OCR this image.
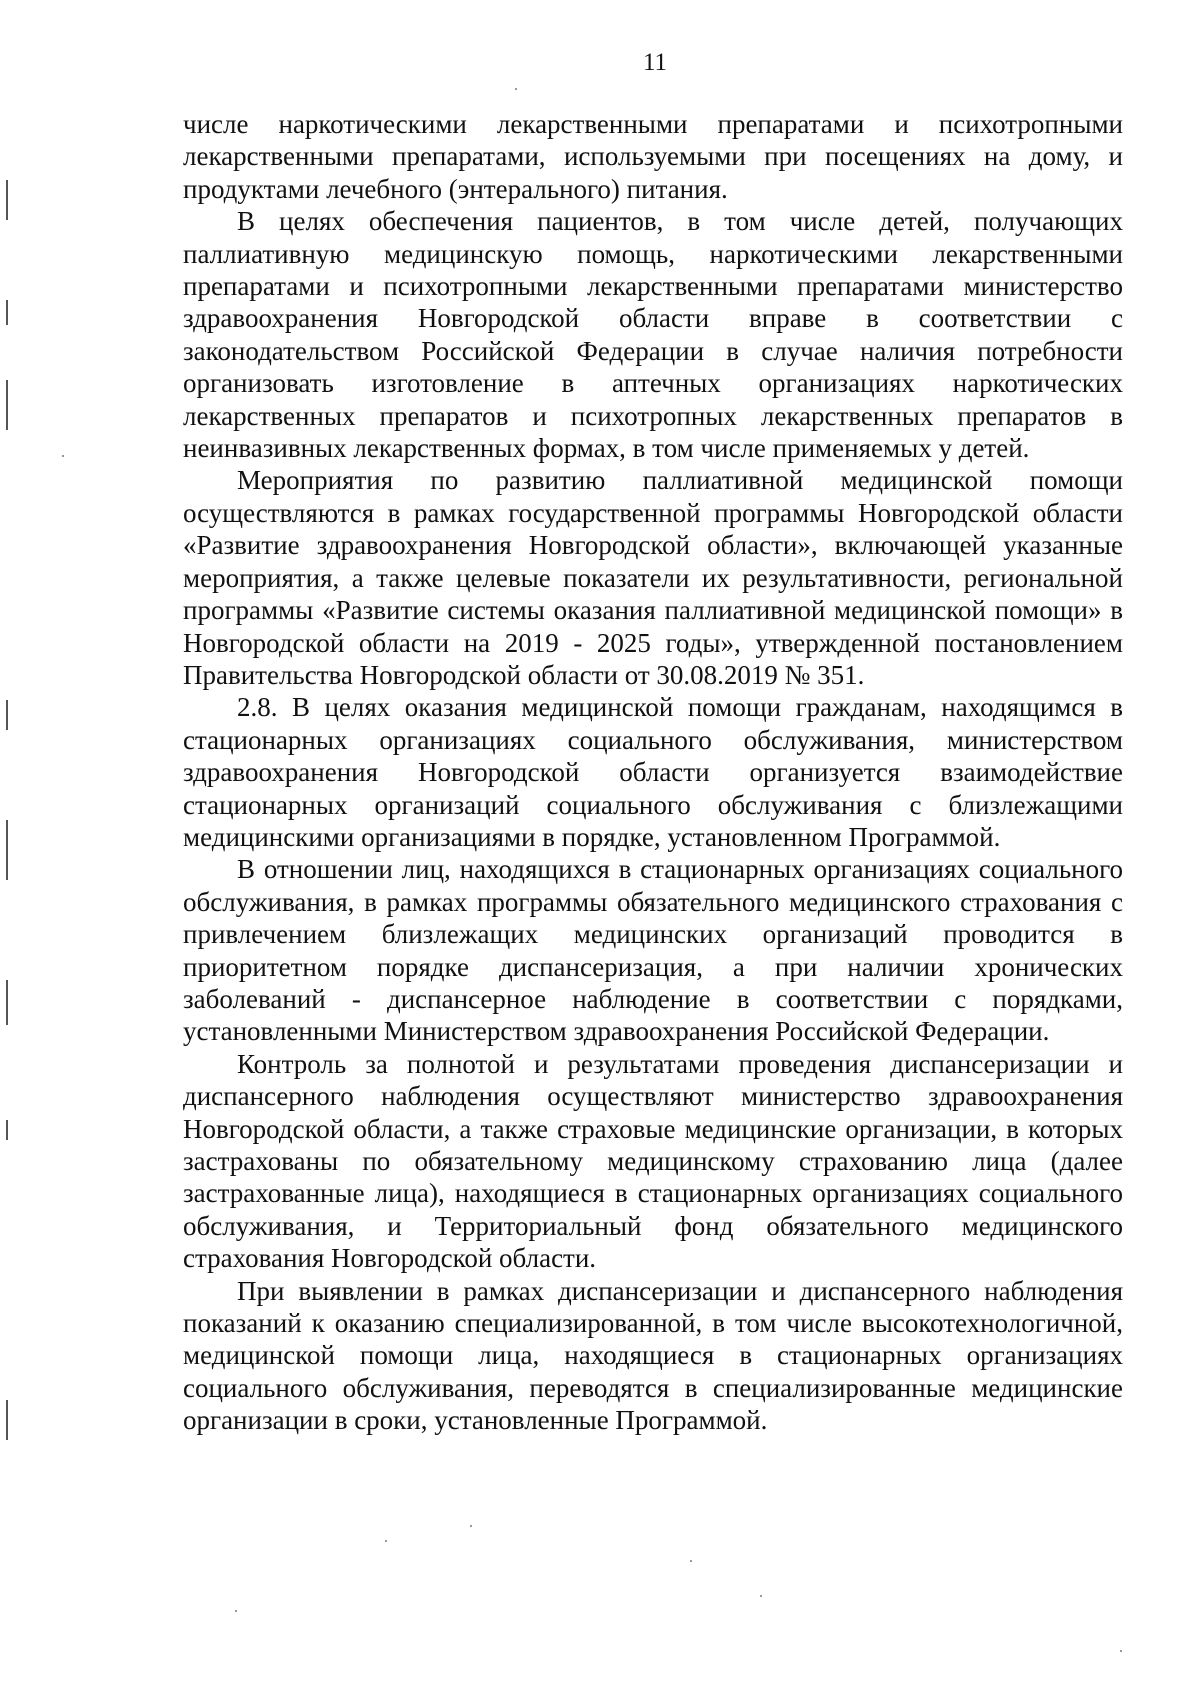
11

числе наркотическими лекарственными препаратами и психотропными лекарственными препаратами, используемыми при посещениях на дому, и продуктами лечебного (энтерального) питания.

В целях обеспечения пациентов, в том числе детей, получающих паллиативную медицинскую помощь, наркотическими лекарственными препаратами и психотропными лекарственными препаратами министерство здравоохранения Новгородской области вправе в соответствии с законодательством Российской Федерации в случае наличия потребности организовать изготовление в аптечных организациях наркотических лекарственных препаратов и психотропных лекарственных препаратов в неинвазивных лекарственных формах, в том числе применяемых у детей.

Мероприятия по развитию паллиативной медицинской помощи осуществляются в рамках государственной программы Новгородской области «Развитие здравоохранения Новгородской области», включающей указанные мероприятия, а также целевые показатели их результативности, региональной программы «Развитие системы оказания паллиативной медицинской помощи» в Новгородской области на 2019 - 2025 годы», утвержденной постановлением Правительства Новгородской области от 30.08.2019 № 351.

2.8. В целях оказания медицинской помощи гражданам, находящимся в стационарных организациях социального обслуживания, министерством здравоохранения Новгородской области организуется взаимодействие стационарных организаций социального обслуживания с близлежащими медицинскими организациями в порядке, установленном Программой.

В отношении лиц, находящихся в стационарных организациях социального обслуживания, в рамках программы обязательного медицинского страхования с привлечением близлежащих медицинских организаций проводится в приоритетном порядке диспансеризация, а при наличии хронических заболеваний - диспансерное наблюдение в соответствии с порядками, установленными Министерством здравоохранения Российской Федерации.

Контроль за полнотой и результатами проведения диспансеризации и диспансерного наблюдения осуществляют министерство здравоохранения Новгородской области, а также страховые медицинские организации, в которых застрахованы по обязательному медицинскому страхованию лица (далее застрахованные лица), находящиеся в стационарных организациях социального обслуживания, и Территориальный фонд обязательного медицинского страхования Новгородской области.

При выявлении в рамках диспансеризации и диспансерного наблюдения показаний к оказанию специализированной, в том числе высокотехнологичной, медицинской помощи лица, находящиеся в стационарных организациях социального обслуживания, переводятся в специализированные медицинские организации в сроки, установленные Программой.
